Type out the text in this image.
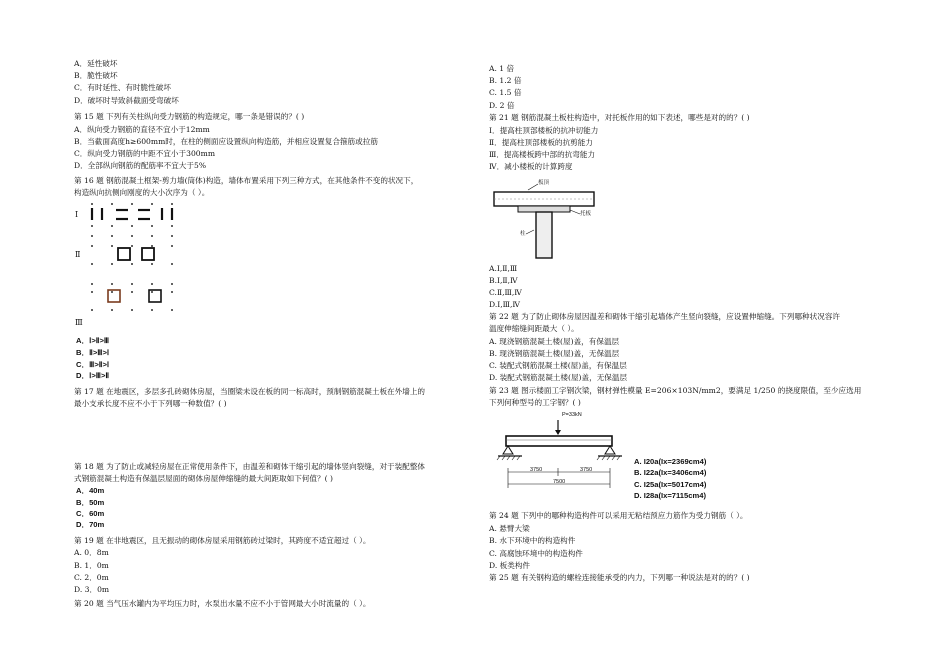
A．延性破坏
B．脆性破坏
C．有时延性、有时脆性破坏
D．破坏时导致斜截面受弯破坏
第 15 题 下列有关柱纵向受力钢筋的构造规定，哪一条是错误的？( )
A．纵向受力钢筋的直径不宜小于12mm
B．当截面高度h≥600mm时，在柱的侧面应设置纵向构造筋，并相应设置复合箍筋或拉筋
C．纵向受力钢筋的中距不宜小于300mm
D．全部纵向钢筋的配筋率不宜大于5%
第 16 题 钢筋混凝土框架-剪力墙(筒体)构造，墙体布置采用下列三种方式，在其他条件不变的状况下，
构造纵向抗侧向刚度的大小次序为（ ）。
Ⅰ
Ⅱ
Ⅲ
A．Ⅰ>Ⅱ>Ⅲ
B．Ⅱ>Ⅲ>Ⅰ
C．Ⅲ>Ⅱ>Ⅰ
D．Ⅰ>Ⅲ>Ⅱ
第 17 题 在地震区，多层多孔砖砌体房屋，当圈梁未设在板的同一标高时，预制钢筋混凝土板在外墙上的
最小支承长度不应不小于下列哪一种数值？( )
第 18 题 为了防止或减轻房屋在正常使用条件下，由温差和砌体干缩引起的墙体竖向裂缝，对于装配整体
式钢筋混凝土构造有保温层屋面的砌体房屋伸缩缝的最大间距取如下何值？( )
A．40m
B．50m
C．60m
D．70m
第 19 题 在非地震区，且无振动的砌体房屋采用钢筋砖过梁时，其跨度不适宜超过（ ）。
A. 0．8m
B. 1．0m
C. 2．0m
D. 3．0m
第 20 题 当气压水罐内为平均压力时，水泵出水量不应不小于管网最大小时流量的（ ）。
A. 1 倍
B. 1.2 倍
C. 1.5 倍
D. 2 倍
第 21 题 钢筋混凝土板柱构造中，对托板作用的如下表述，哪些是对的的？( )
Ⅰ．提高柱顶部楼板的抗冲切能力
Ⅱ．提高柱顶部楼板的抗剪能力
Ⅲ．提高楼板跨中部的抗弯能力
Ⅳ．减小楼板的计算跨度
板顶
托板
柱
A.Ⅰ,Ⅱ,Ⅲ
B.Ⅰ,Ⅱ,Ⅳ
C.Ⅱ,Ⅲ,Ⅳ
D.Ⅰ,Ⅲ,Ⅳ
第 22 题 为了防止砌体房屋因温差和砌体干缩引起墙体产生竖向裂缝，应设置伸缩缝。下列哪种状况容许
温度伸缩缝间距最大（ ）。
A. 现浇钢筋混凝土楼(屋)盖，有保温层
B. 现浇钢筋混凝土楼(屋)盖，无保温层
C. 装配式钢筋混凝土楼(屋)盖，有保温层
D. 装配式钢筋混凝土楼(屋)盖，无保温层
第 23 题 图示楼面工字钢次梁，钢材弹性模量 E=206×103N/mm2，要满足 1/250 的挠度限值，至少应选用
下列何种型号的工字钢？( )
P=33kN
3750	3750
7500
A. I20a(Ix=2369cm4)
B. I22a(Ix=3406cm4)
C. I25a(Ix=5017cm4)
D. I28a(Ix=7115cm4)
第 24 题 下列中的哪种构造构件可以采用无粘结预应力筋作为受力钢筋（ ）。
A. 悬臂大梁
B. 水下环境中的构造构件
C. 高腐蚀环境中的构造构件
D. 板类构件
第 25 题 有关钢构造的螺栓连接能承受的内力，下列哪一种说法是对的的？( )
